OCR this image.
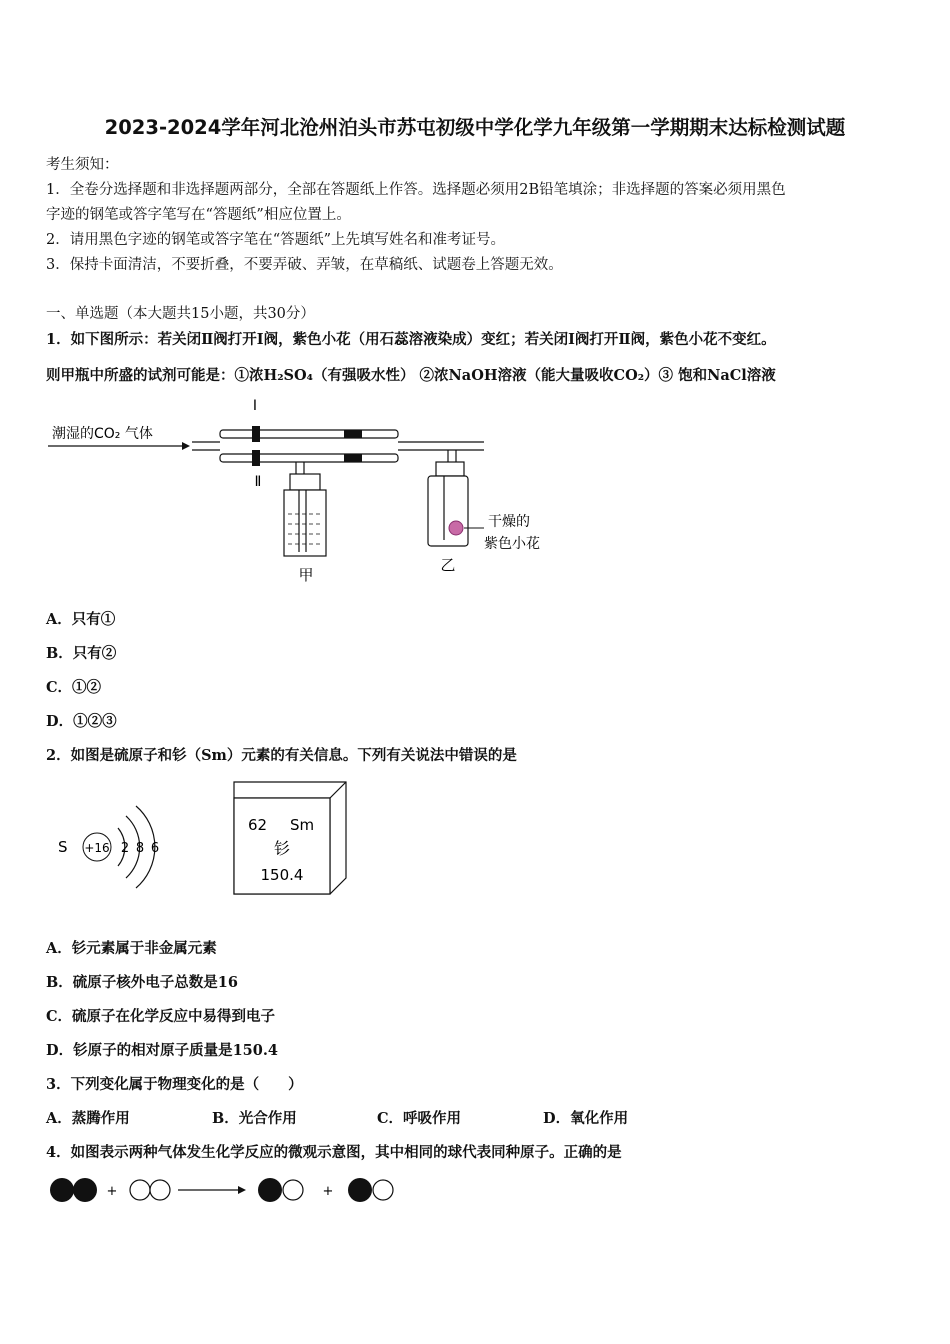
2023-2024学年河北沧州泊头市苏屯初级中学化学九年级第一学期期末达标检测试题
考生须知：
1．全卷分选择题和非选择题两部分，全部在答题纸上作答。选择题必须用2B铅笔填涂；非选择题的答案必须用黑色
字迹的钢笔或答字笔写在“答题纸”相应位置上。
2．请用黑色字迹的钢笔或答字笔在“答题纸”上先填写姓名和准考证号。
3．保持卡面清洁，不要折叠，不要弄破、弄皱，在草稿纸、试题卷上答题无效。
一、单选题（本大题共15小题，共30分）
1．如下图所示：若关闭Ⅱ阀打开Ⅰ阀，紫色小花（用石蕊溶液染成）变红；若关闭Ⅰ阀打开Ⅱ阀，紫色小花不变红。
则甲瓶中所盛的试剂可能是：①浓H₂SO₄（有强吸水性） ②浓NaOH溶液（能大量吸收CO₂）③ 饱和NaCl溶液
潮湿的CO₂ 气体
Ⅰ
Ⅱ
甲
干燥的
紫色小花
乙
A．只有①
B．只有②
C．①②
D．①②③
2．如图是硫原子和钐（Sm）元素的有关信息。下列有关说法中错误的是
S +16 2 8 6
62 Sm
钐
150.4
A．钐元素属于非金属元素
B．硫原子核外电子总数是16
C．硫原子在化学反应中易得到电子
D．钐原子的相对原子质量是150.4
3．下列变化属于物理变化的是（　　）
A．蒸腾作用	B．光合作用	C．呼吸作用	D．氧化作用
4．如图表示两种气体发生化学反应的微观示意图，其中相同的球代表同种原子。正确的是
+	+
